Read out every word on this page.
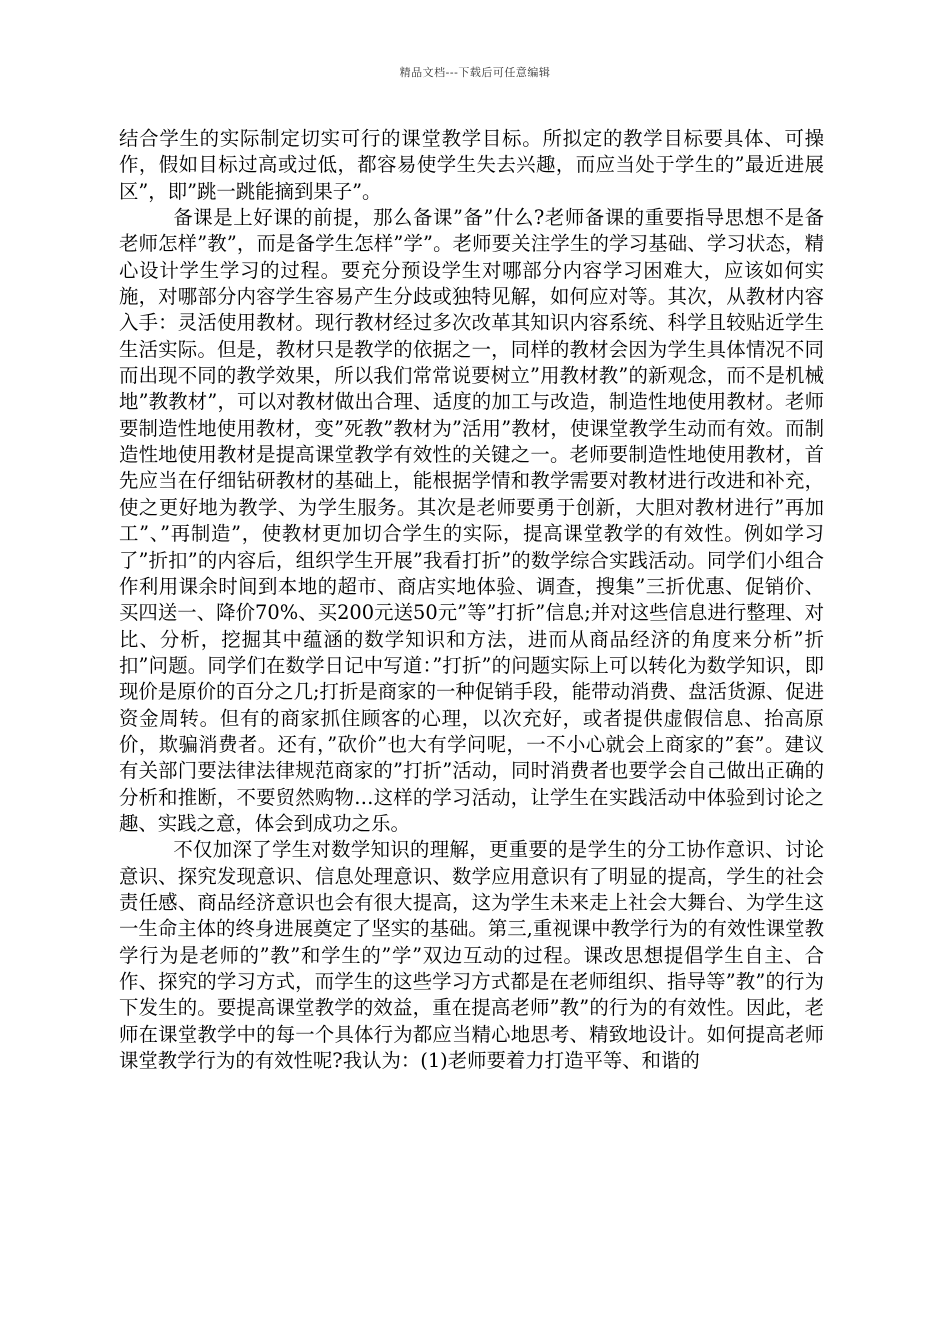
精品文档---下载后可任意编辑

结合学生的实际制定切实可行的课堂教学目标。所拟定的教学目标要具体、可操作，假如目标过高或过低，都容易使学生失去兴趣，而应当处于学生的”最近进展区”，即”跳一跳能摘到果子”。

备课是上好课的前提，那么备课”备”什么?老师备课的重要指导思想不是备老师怎样”教”，而是备学生怎样”学”。老师要关注学生的学习基础、学习状态，精心设计学生学习的过程。要充分预设学生对哪部分内容学习困难大，应该如何实施，对哪部分内容学生容易产生分歧或独特见解，如何应对等。其次，从教材内容入手：灵活使用教材。现行教材经过多次改革其知识内容系统、科学且较贴近学生生活实际。但是，教材只是教学的依据之一，同样的教材会因为学生具体情况不同而出现不同的教学效果，所以我们常常说要树立”用教材教”的新观念，而不是机械地”教教材”，可以对教材做出合理、适度的加工与改造，制造性地使用教材。老师要制造性地使用教材，变”死教”教材为”活用”教材，使课堂教学生动而有效。而制造性地使用教材是提高课堂教学有效性的关键之一。老师要制造性地使用教材，首先应当在仔细钻研教材的基础上，能根据学情和教学需要对教材进行改进和补充，使之更好地为教学、为学生服务。其次是老师要勇于创新，大胆对教材进行”再加工”、”再制造”，使教材更加切合学生的实际，提高课堂教学的有效性。例如学习了”折扣”的内容后，组织学生开展”我看打折”的数学综合实践活动。同学们小组合作利用课余时间到本地的超市、商店实地体验、调查，搜集”三折优惠、促销价、买四送一、降价70%、买200元送50元”等”打折”信息;并对这些信息进行整理、对比、分析，挖掘其中蕴涵的数学知识和方法，进而从商品经济的角度来分析”折扣”问题。同学们在数学日记中写道：”打折”的问题实际上可以转化为数学知识，即现价是原价的百分之几;打折是商家的一种促销手段，能带动消费、盘活货源、促进资金周转。但有的商家抓住顾客的心理，以次充好，或者提供虚假信息、抬高原价，欺骗消费者。还有，”砍价”也大有学问呢，一不小心就会上商家的”套”。建议有关部门要法律法律规范商家的”打折”活动，同时消费者也要学会自己做出正确的分析和推断，不要贸然购物…这样的学习活动，让学生在实践活动中体验到讨论之趣、实践之意，体会到成功之乐。

不仅加深了学生对数学知识的理解，更重要的是学生的分工协作意识、讨论意识、探究发现意识、信息处理意识、数学应用意识有了明显的提高，学生的社会责任感、商品经济意识也会有很大提高，这为学生未来走上社会大舞台、为学生这一生命主体的终身进展奠定了坚实的基础。第三,重视课中教学行为的有效性课堂教学行为是老师的”教”和学生的”学”双边互动的过程。课改思想提倡学生自主、合作、探究的学习方式，而学生的这些学习方式都是在老师组织、指导等”教”的行为下发生的。要提高课堂教学的效益，重在提高老师”教”的行为的有效性。因此，老师在课堂教学中的每一个具体行为都应当精心地思考、精致地设计。如何提高老师课堂教学行为的有效性呢?我认为：(1)老师要着力打造平等、和谐的
